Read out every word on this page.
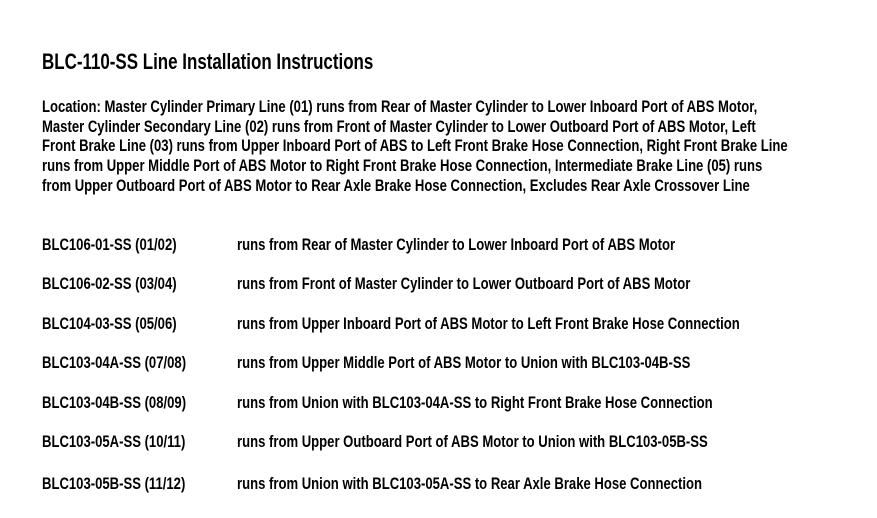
BLC-110-SS Line Installation Instructions
Location: Master Cylinder Primary Line (01) runs from Rear of Master Cylinder to Lower Inboard Port of ABS Motor,
Master Cylinder Secondary Line (02) runs from Front of Master Cylinder to Lower Outboard Port of ABS Motor, Left
Front Brake Line (03) runs from Upper Inboard Port of ABS to Left Front Brake Hose Connection, Right Front Brake Line
runs from Upper Middle Port of ABS Motor to Right Front Brake Hose Connection, Intermediate Brake Line (05) runs
from Upper Outboard Port of ABS Motor to Rear Axle Brake Hose Connection, Excludes Rear Axle Crossover Line
BLC106-01-SS (01/02)	runs from Rear of Master Cylinder to Lower Inboard Port of ABS Motor
BLC106-02-SS (03/04)	runs from Front of Master Cylinder to Lower Outboard Port of ABS Motor
BLC104-03-SS (05/06)	runs from Upper Inboard Port of ABS Motor to Left Front Brake Hose Connection
BLC103-04A-SS (07/08)	runs from Upper Middle Port of ABS Motor to Union with BLC103-04B-SS
BLC103-04B-SS (08/09)	runs from Union with BLC103-04A-SS to Right Front Brake Hose Connection
BLC103-05A-SS (10/11)	runs from Upper Outboard Port of ABS Motor to Union with BLC103-05B-SS
BLC103-05B-SS (11/12)	runs from Union with BLC103-05A-SS to Rear Axle Brake Hose Connection
